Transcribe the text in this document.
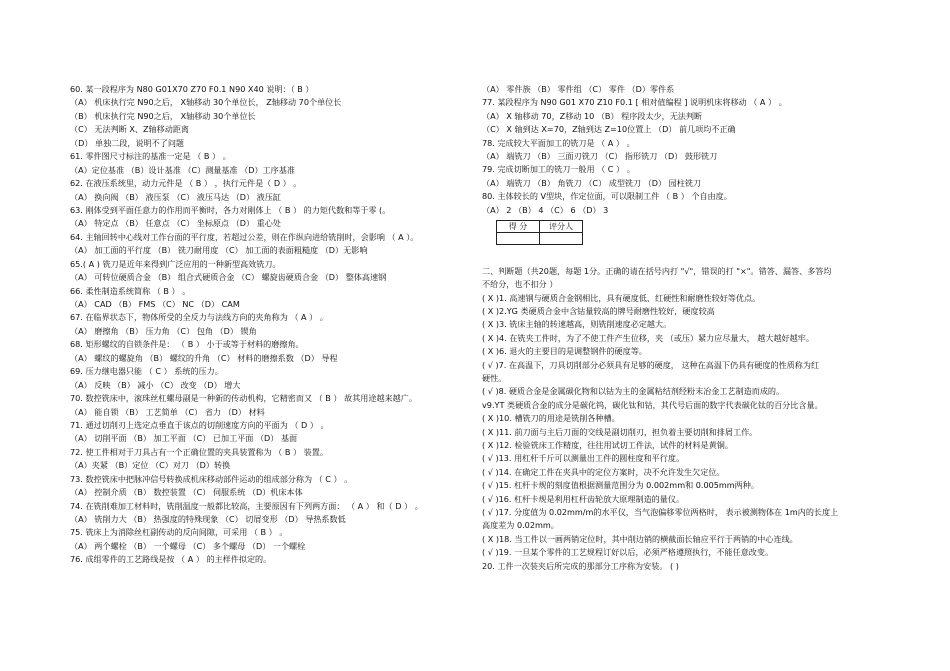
60. 某一段程序为 N80 G01X70 Z70 F0.1 N90 X40 说明：（ B ）
（A） 机床执行完 N90之后， X轴移动 30个单位长， Z轴移动 70个单位长
（B） 机床执行完 N90之后， X轴移动 30个单位长
（C） 无法判断 X、Z轴移动距离
（D） 单独二段，说明不了问题
61. 零件图尺寸标注的基准一定是 （ B ） 。
（A）定位基准 （B）设计基准 （C）测量基准 （D）工序基准
62. 在液压系统里，动力元件是 （ B ） ，执行元件是（ D ） 。
（A） 换向阀 （B） 液压泵 （C） 液压马达 （D） 液压缸
63. 刚体受到平面任意力的作用而平衡时，各力对刚体上 （ B ） 的力矩代数和等于零 (。
（A） 特定点 （B） 任意点 （C） 坐标原点 （D） 重心处
64. 主轴回转中心线对工作台面的平行度，若超过公差，则在作纵向进给铣削时，会影响 （ A ）。
（A） 加工面的平行度 （B） 铣刀耐用度 （C） 加工面的表面粗糙度 （D）无影响
65.( A ) 铣刀是近年来得到广泛应用的一种新型高效铣刀。
（A） 可转位硬质合金 （B） 组合式硬质合金 （C） 螺旋齿硬质合金 （D） 整体高速钢
66. 柔性制造系统简称 （ B ） 。
（A） CAD （B） FMS （C） NC （D） CAM
67. 在临界状态下，物体所受的全反力与法线方向的夹角称为 （ A ） 。
（A） 磨擦角 （B） 压力角 （C） 包角 （D） 锲角
68. 矩形螺纹的自锁条件是： （ B ） 小于或等于材料的磨擦角。
（A） 螺纹的螺旋角 （B） 螺纹的升角 （C） 材料的磨擦系数 （D） 导程
69. 压力继电器只能 （ C ） 系统的压力。
（A） 反映 （B） 减小 （C） 改变 （D） 增大
70. 数控铣床中，滚珠丝杠螺母副是一种新的传动机构，它精密而又 （ B ） 故其用途越来越广。
（A） 能自锁 （B） 工艺简单 （C） 省力 （D） 材料
71. 通过切削刃上选定点垂直于该点的切削速度方向的平面为 （ D ） 。
（A） 切削平面 （B） 加工平面 （C） 已加工平面 （D） 基面
72. 使工件相对于刀具占有一个正确位置的夹具装置称为 （ B ） 装置。
（A）夹紧 （B）定位 （C）对刀 （D）转换
73. 数控铣床中把脉冲信号转换成机床移动部件运动的组成部分称为 （ C ） 。
（A） 控制介质 （B） 数控装置 （C） 伺服系统 （D）机床本体
74. 在铣削难加工材料时，铣削温度一般都比较高，主要原因有下列两方面： （ A ） 和（ D ） 。
（A） 铣削力大 （B） 热强度的特殊现象 （C） 切屑变形 （D） 导热系数低
75. 铣床上为消除丝杠副传动的反向间隙，可采用 （ B ） 。
（A） 两个螺栓 （B） 一个螺母 （C） 多个螺母 （D） 一个螺栓
76. 成组零件的工艺路线是按 （ A ） 的主样件拟定的。
（A） 零件族 （B） 零件组 （C） 零件 （D）零件系
77. 某段程序为 N90 G01 X70 Z10 F0.1 [ 相对值编程 ] 说明机床将移动 （ A ） 。
（A） X 轴移动 70，Z移动 10 （B） 程序段太少，无法判断
（C） X 轴到达 X=70，Z轴到达 Z=10位置上 （D） 前几项均不正确
78. 完成较大平面加工的铣刀是 （ A ） 。
（A） 端铣刀 （B） 三面刃铣刀 （C） 指形铣刀 （D） 鼓形铣刀
79. 完成切断加工的铣刀一般用 （ C ） 。
（A） 端铣刀 （B） 角铣刀 （C） 成型铣刀 （D） 园柱铣刀
80. 主体较长的 V型块，作定位面，可以限制工件 （ B ） 个自由度。
（A） 2 （B） 4 （C） 6 （D） 3
得 分	评分人

二、判断题（共20题，每题 1分。正确的请在括号内打 "√"，错误的打 "×"。错答、漏答、多答均
不给分，也不扣分 ）
( X )1. 高速钢与硬质合金钢相比，具有硬度低、红硬性和耐磨性较好等优点。
( X )2.YG 类硬质合金中含钴量较高的牌号耐磨性较好，硬度较高
( X )3. 铣床主轴的转速越高，则铣削速度必定越大。
( X )4. 在铣夹工件时，为了不使工件产生位移，夹 （或压）紧力应尽量大， 越大越好越牢。
( X )6. 退火的主要目的是调整钢件的硬度等。
( √ )7. 在高温下，刀具切削部分必须具有足够的硬度， 这种在高温下仍具有硬度的性质称为红
硬性。
( √ )8. 硬质合金是金属碳化物和以钴为主的金属粘结剂经粉末冶金工艺制造而成的。
v9.YT 类硬质合金的成分是碳化钨，碳化钛和钴，其代号后面的数字代表碳化钛的百分比含量。
( X )10. 槽铣刀的用途是铣削各种槽。
( X )11. 前刀面与主后刀面的交线是副切削刃，担负着主要切削和排屑工作。
( X )12. 检验铣床工作精度，往往用试切工件法，试件的材料是黄铜。
( √ )13. 用杠杆千斤可以测量出工件的圆柱度和平行度。
( √ )14. 在确定工件在夹具中的定位方案时，决不允许发生欠定位。
( √ )15. 杠杆卡规的刻度值根据测量范围分为 0.002mm和 0.005mm两种。
( √ )16. 杠杆卡规是利用杠杆齿轮放大原理制造的量仪。
( √ )17. 分度值为 0.02mm/m的水平仪，当气泡偏移零位两格时， 表示被测物体在 1m内的长度上
高度差为 0.02mm。
( X )18. 当工件以一画两销定位时，其中削边销的横截面长轴应平行于两销的中心连线。
( √ )19. 一旦某个零件的工艺规程订好以后，必须严格遵照执行，不能任意改变。
20. 工件一次装夹后所完成的那部分工序称为安装。 ( )
